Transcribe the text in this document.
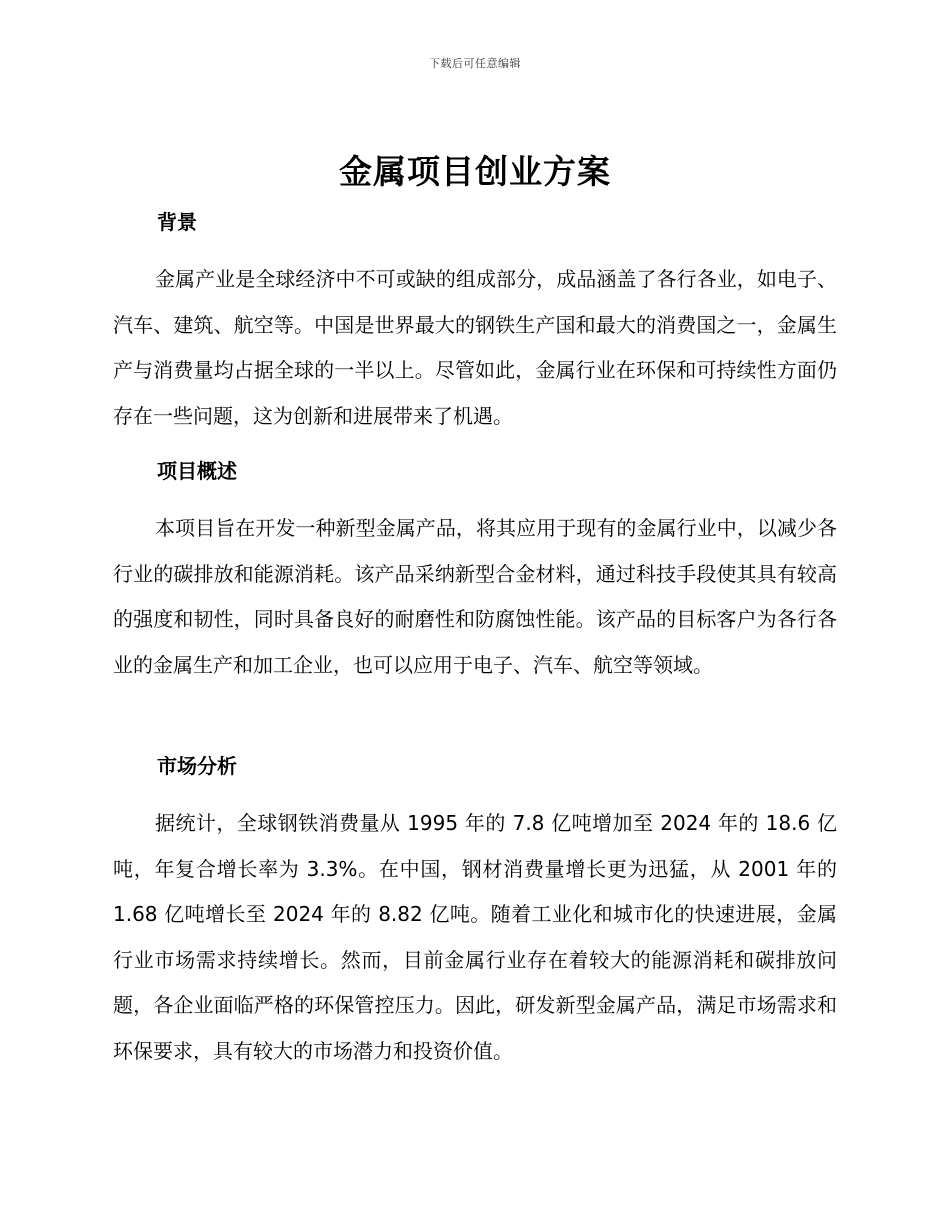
下载后可任意编辑
金属项目创业方案
背景

金属产业是全球经济中不可或缺的组成部分，成品涵盖了各行各业，如电子、汽车、建筑、航空等。中国是世界最大的钢铁生产国和最大的消费国之一，金属生产与消费量均占据全球的一半以上。尽管如此，金属行业在环保和可持续性方面仍存在一些问题，这为创新和进展带来了机遇。

项目概述

本项目旨在开发一种新型金属产品，将其应用于现有的金属行业中，以减少各行业的碳排放和能源消耗。该产品采纳新型合金材料，通过科技手段使其具有较高的强度和韧性，同时具备良好的耐磨性和防腐蚀性能。该产品的目标客户为各行各业的金属生产和加工企业，也可以应用于电子、汽车、航空等领域。

市场分析

据统计，全球钢铁消费量从 1995 年的 7.8 亿吨增加至 2024 年的 18.6 亿吨，年复合增长率为 3.3%。在中国，钢材消费量增长更为迅猛，从 2001 年的 1.68 亿吨增长至 2024 年的 8.82 亿吨。随着工业化和城市化的快速进展，金属行业市场需求持续增长。然而，目前金属行业存在着较大的能源消耗和碳排放问题，各企业面临严格的环保管控压力。因此，研发新型金属产品，满足市场需求和环保要求，具有较大的市场潜力和投资价值。
